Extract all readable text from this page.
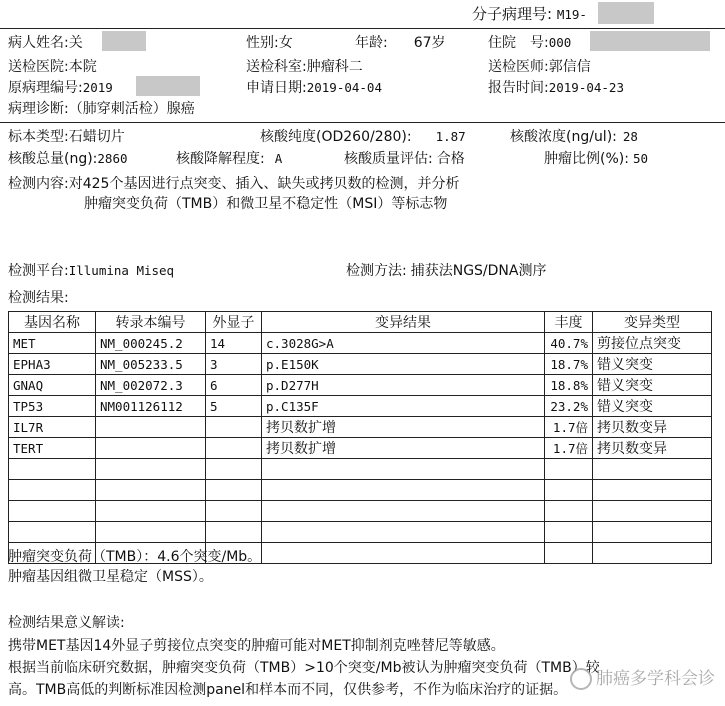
分子病理号: M19-
病人姓名:关	性别:女	年龄: 67岁	住院　号:000
送检医院:本院	送检科室:肿瘤科二	送检医师:郭信信
原病理编号:2019	申请日期:2019-04-04	报告时间:2019-04-23
病理诊断:（肺穿刺活检）腺癌
标本类型:石蜡切片	核酸纯度(OD260/280): 1.87	核酸浓度(ng/ul): 28
核酸总量(ng):2860	核酸降解程度: A	核酸质量评估: 合格	肿瘤比例(%): 50
检测内容:对425个基因进行点突变、插入、缺失或拷贝数的检测，并分析
肿瘤突变负荷（TMB）和微卫星不稳定性（MSI）等标志物
检测平台:Illumina Miseq	检测方法: 捕获法NGS/DNA测序
检测结果:
基因名称	转录本编号	外显子	变异结果	丰度	变异类型
MET	NM_000245.2	14	c.3028G>A	40.7%	剪接位点突变
EPHA3	NM_005233.5	3	p.E150K	18.7%	错义突变
GNAQ	NM_002072.3	6	p.D277H	18.8%	错义突变
TP53	NM001126112	5	p.C135F	23.2%	错义突变
IL7R			拷贝数扩增	1.7倍	拷贝数变异
TERT			拷贝数扩增	1.7倍	拷贝数变异

肿瘤突变负荷（TMB）：4.6个突变/Mb。
肿瘤基因组微卫星稳定（MSS）。
检测结果意义解读:
携带MET基因14外显子剪接位点突变的肿瘤可能对MET抑制剂克唑替尼等敏感。
根据当前临床研究数据，肿瘤突变负荷（TMB）>10个突变/Mb被认为肿瘤突变负荷（TMB）较
高。TMB高低的判断标准因检测panel和样本而不同，仅供参考，不作为临床治疗的证据。
肺癌多学科会诊
